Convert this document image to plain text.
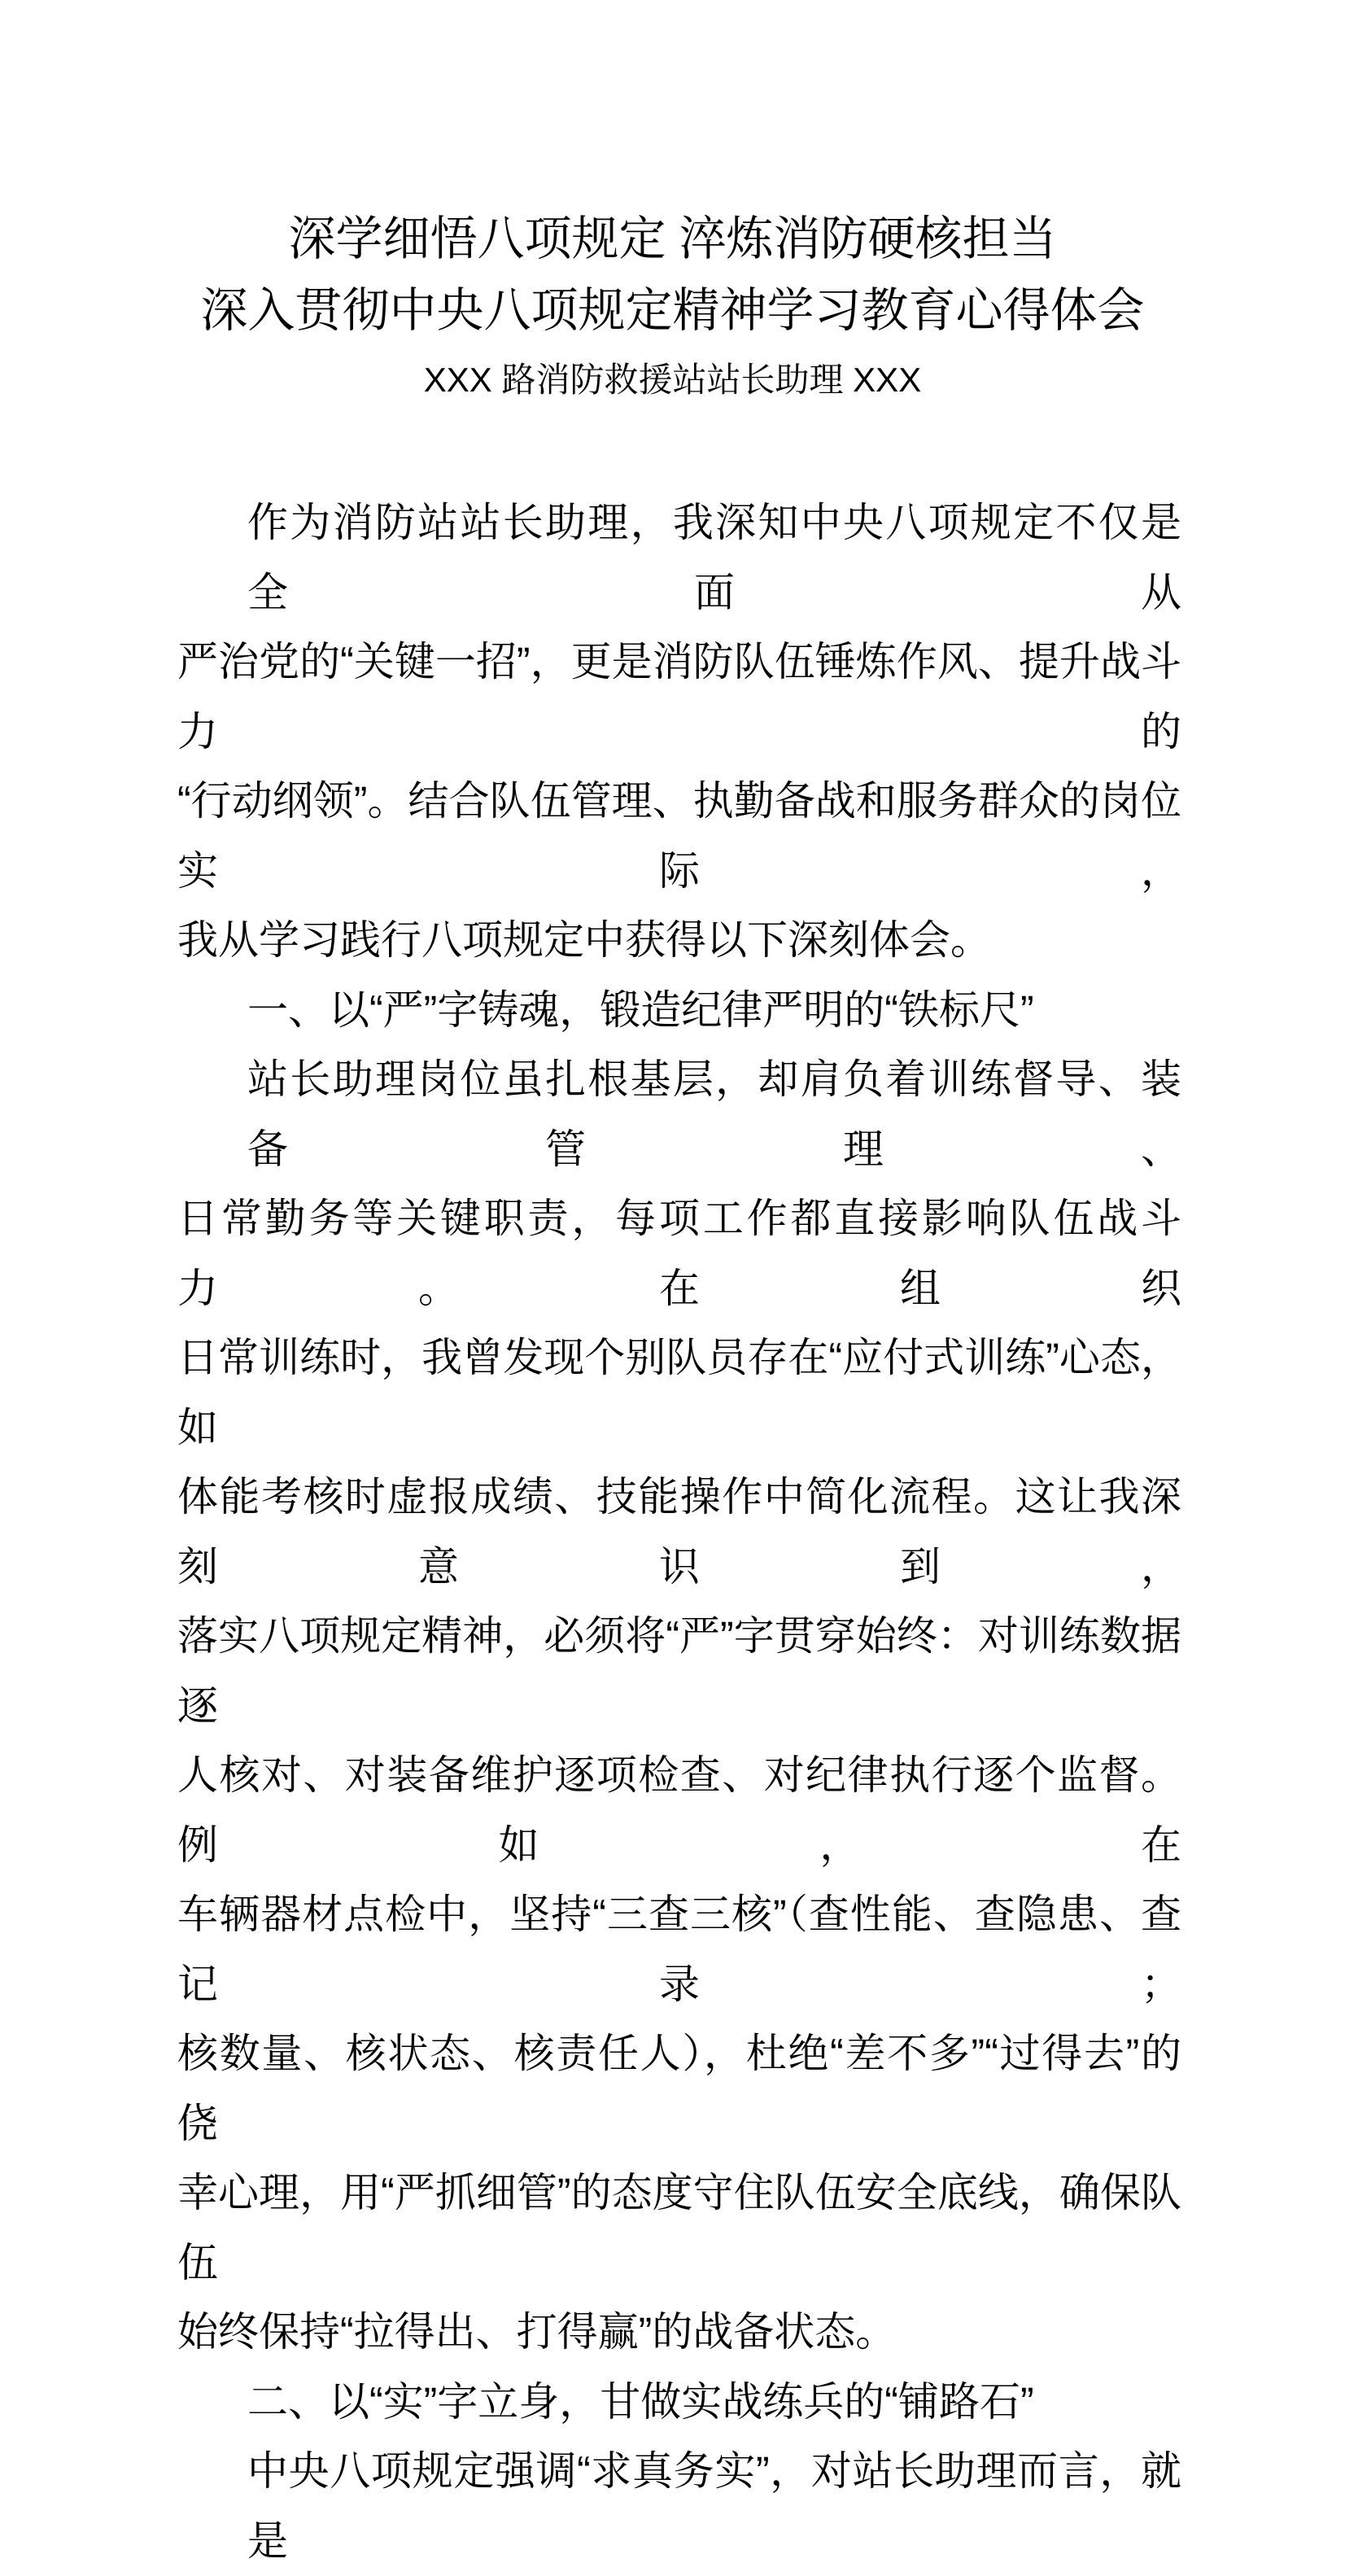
深学细悟八项规定 淬炼消防硬核担当
深入贯彻中央八项规定精神学习教育心得体会
XXX 路消防救援站站长助理 XXX
作为消防站站长助理，我深知中央八项规定不仅是全面从
严治党的“关键一招”，更是消防队伍锤炼作风、提升战斗力的
“行动纲领”。结合队伍管理、执勤备战和服务群众的岗位实际，
我从学习践行八项规定中获得以下深刻体会。
一、以“严”字铸魂，锻造纪律严明的“铁标尺”
站长助理岗位虽扎根基层，却肩负着训练督导、装备管理、
日常勤务等关键职责，每项工作都直接影响队伍战斗力。在组织
日常训练时，我曾发现个别队员存在“应付式训练”心态，如
体能考核时虚报成绩、技能操作中简化流程。这让我深刻意识到，
落实八项规定精神，必须将“严”字贯穿始终：对训练数据逐
人核对、对装备维护逐项检查、对纪律执行逐个监督。例如，在
车辆器材点检中，坚持“三查三核”（查性能、查隐患、查记录；
核数量、核状态、核责任人），杜绝“差不多”“过得去”的侥
幸心理，用“严抓细管”的态度守住队伍安全底线，确保队伍
始终保持“拉得出、打得赢”的战备状态。
二、以“实”字立身，甘做实战练兵的“铺路石”
中央八项规定强调“求真务实”，对站长助理而言，就是
